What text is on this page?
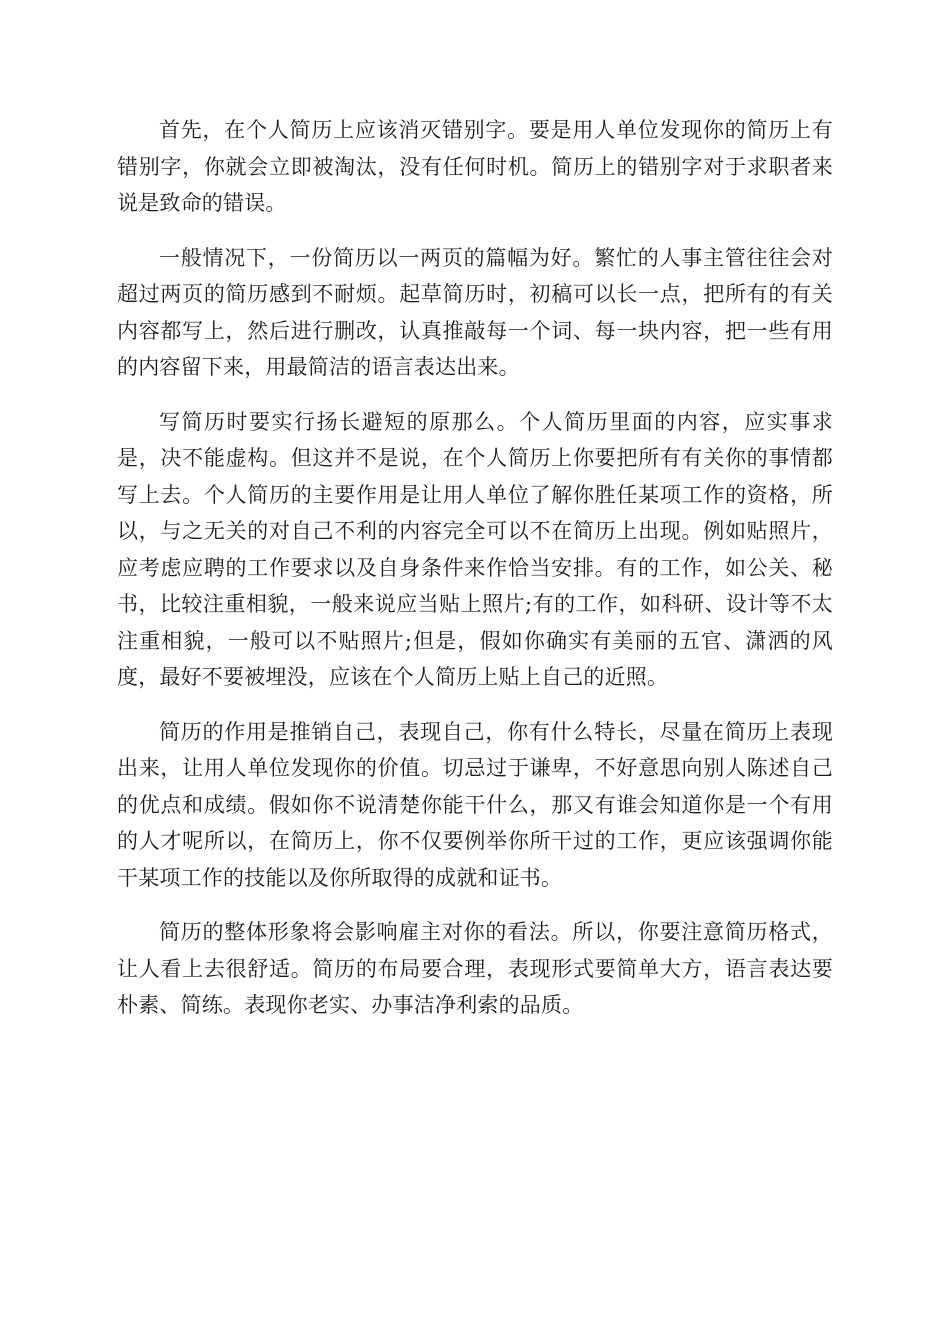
首先，在个人简历上应该消灭错别字。要是用人单位发现你的简历上有错别字，你就会立即被淘汰，没有任何时机。简历上的错别字对于求职者来说是致命的错误。

一般情况下，一份简历以一两页的篇幅为好。繁忙的人事主管往往会对超过两页的简历感到不耐烦。起草简历时，初稿可以长一点，把所有的有关内容都写上，然后进行删改，认真推敲每一个词、每一块内容，把一些有用的内容留下来，用最简洁的语言表达出来。

写简历时要实行扬长避短的原那么。个人简历里面的内容，应实事求是，决不能虚构。但这并不是说，在个人简历上你要把所有有关你的事情都写上去。个人简历的主要作用是让用人单位了解你胜任某项工作的资格，所以，与之无关的对自己不利的内容完全可以不在简历上出现。例如贴照片，应考虑应聘的工作要求以及自身条件来作恰当安排。有的工作，如公关、秘书，比较注重相貌，一般来说应当贴上照片;有的工作，如科研、设计等不太注重相貌，一般可以不贴照片;但是，假如你确实有美丽的五官、潇洒的风度，最好不要被埋没，应该在个人简历上贴上自己的近照。

简历的作用是推销自己，表现自己，你有什么特长，尽量在简历上表现出来，让用人单位发现你的价值。切忌过于谦卑，不好意思向别人陈述自己的优点和成绩。假如你不说清楚你能干什么，那又有谁会知道你是一个有用的人才呢所以，在简历上，你不仅要例举你所干过的工作，更应该强调你能干某项工作的技能以及你所取得的成就和证书。

简历的整体形象将会影响雇主对你的看法。所以，你要注意简历格式，让人看上去很舒适。简历的布局要合理，表现形式要简单大方，语言表达要朴素、简练。表现你老实、办事洁净利索的品质。
